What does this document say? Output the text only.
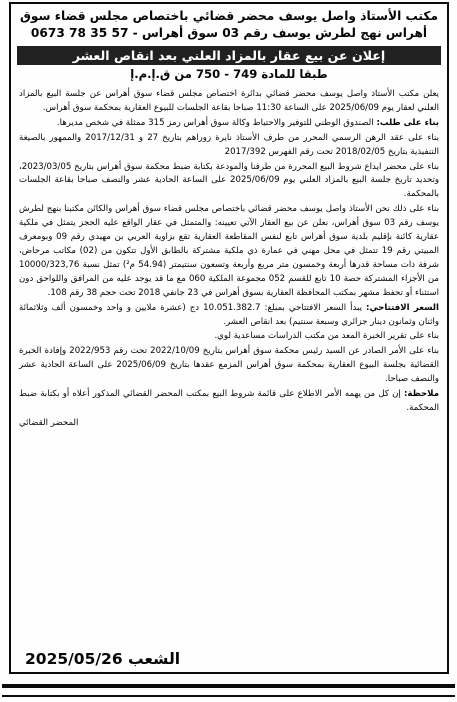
مكتب الأستاذ واصل يوسف محضر قضائي باختصاص مجلس قضاء سوق
أهراس نهج لطرش يوسف رقم 03 سوق أهراس - 0673 78 35 57
إعلان عن بيع عقار بالمزاد العلني بعد انقاص العشر
طبقا للمادة 749 - 750 من ق.إ.م.إ

يعلن مكتب الأستاذ واصل يوسف محضر قضائي بدائرة اختصاص مجلس قضاء سوق أهراس عن جلسة البيع بالمزاد العلني لعقار يوم 2025/06/09 على الساعة 11:30 صباحا بقاعة الجلسات للبيوع العقارية بمحكمة سوق أهراس.

بناء على طلب: الصندوق الوطني للتوفير والاحتياط وكالة سوق أهراس رمز 315 ممثلة في شخص مديرها.

بناء على عقد الرهن الرسمي المحرر من طرف الأستاذ نايرة زوراهم بتاريخ 27 و 2017/12/31 والممهور بالصيغة التنفيذية بتاريخ 2018/02/05 تحت رقم الفهرس 2017/392

بناء على محضر ايداع شروط البيع المحررة من طرفنا والمودعة بكتابة ضبط محكمة سوق أهراس بتاريخ 2023/03/05، وتحديد تاريخ جلسة البيع بالمزاد العلني يوم 2025/06/09 على الساعة الحادية عشر والنصف صباحا بقاعة الجلسات بالمحكمة.

بناء على ذلك نحن الأستاذ واصل يوسف محضر قضائي باختصاص مجلس قضاء سوق أهراس والكائن مكتبنا بنهج لطرش يوسف رقم 03 سوق أهراس، نعلن عن بيع العقار الآتي تعيينه: والمتمثل في عقار الواقع عليه الحجز يتمثل في ملكية عقارية كائنة بإقليم بلدية سوق أهراس تابع لنفس المقاطعة العقارية تقع بزاوية العربي بن مهيدي رقم 09 وبومعرف المبيتي رقم 19 تتمثل في محل مهني في عمارة ذي ملكية مشتركة بالطابق الأول تتكون من (02) مكاتب مرحاض، شرفة ذات مساحة قدرها أربعة وخمسون متر مربع وأربعة وتسعون سنتيمتر (54.94 م²) تمثل نسبة 10000/323,76 من الأجزاء المشتركة حصة 10 تابع للقسم 052 مجموعة الملكية 060 مع ما قد يوجد عليه من المرافق واللواحق دون استثناء أو تحفظ مشهر بمكتب المحافظة العقارية بسوق أهراس في 23 جانفي 2018 تحت حجم 38 رقم 108.

السعر الافتتاحي: يبدأ السعر الافتتاحي بمبلغ: 10.051.382.7 دج (عشرة ملايين و واحد وخمسون ألف وثلاثمائة واثنان وثمانون دينار جزائري وسبعة سنتيم) بعد انقاص العشر.

بناء على تقرير الخبرة المعد من مكتب الدراسات مساعدية لوي.

بناء على الأمر الصادر عن السيد رئيس محكمة سوق أهراس بتاريخ 2022/10/09 تحت رقم 2022/953 وإفادة الخبرة القضائية بجلسة البيوع العقارية بمحكمة سوق أهراس المزمع عقدها بتاريخ 2025/06/09 على الساعة الحادية عشر والنصف صباحا.

ملاحظة: إن كل من يهمه الأمر الاطلاع على قائمة شروط البيع بمكتب المحضر القضائي المذكور أعلاه أو بكتابة ضبط المحكمة.

المحضر القضائي
2025/05/26 الشعب
